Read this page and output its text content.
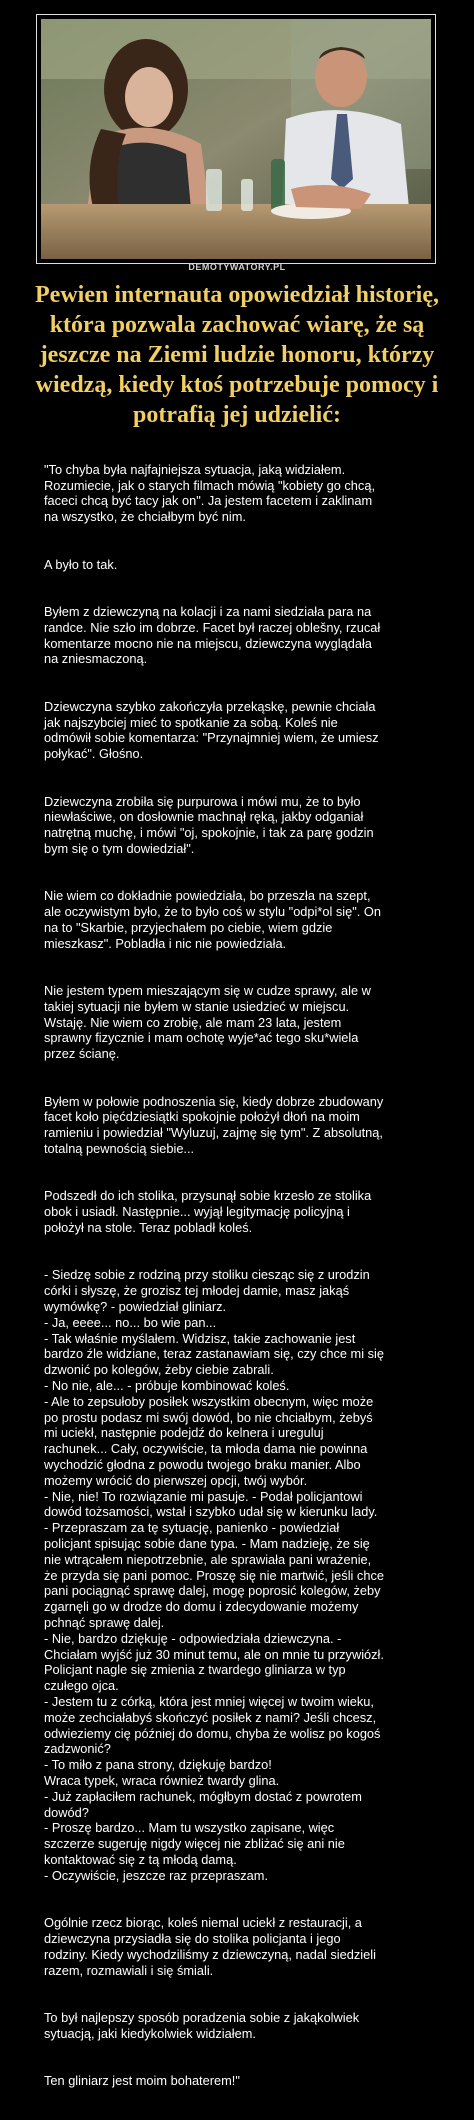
DEMOTYWATORY.PL
Pewien internauta opowiedział historię,
która pozwala zachować wiarę, że są
jeszcze na Ziemi ludzie honoru, którzy
wiedzą, kiedy ktoś potrzebuje pomocy i
potrafią jej udzielić:

"To chyba była najfajniejsza sytuacja, jaką widziałem.
Rozumiecie, jak o starych filmach mówią "kobiety go chcą,
faceci chcą być tacy jak on". Ja jestem facetem i zaklinam
na wszystko, że chciałbym być nim.

A było to tak.

Byłem z dziewczyną na kolacji i za nami siedziała para na
randce. Nie szło im dobrze. Facet był raczej oblešny, rzucał
komentarze mocno nie na miejscu, dziewczyna wyglądała
na zniesmaczoną.

Dziewczyna szybko zakończyła przekąskę, pewnie chciała
jak najszybciej mieć to spotkanie za sobą. Koleś nie
odmówił sobie komentarza: "Przynajmniej wiem, że umiesz
połykać". Głośno.

Dziewczyna zrobiła się purpurowa i mówi mu, że to było
niewłaściwe, on dosłownie machnął ręką, jakby odganiał
natrętną muchę, i mówi "oj, spokojnie, i tak za parę godzin
bym się o tym dowiedział".

Nie wiem co dokładnie powiedziała, bo przeszła na szept,
ale oczywistym było, że to było coś w stylu "odpi*ol się". On
na to "Skarbie, przyjechałem po ciebie, wiem gdzie
mieszkasz". Pobladła i nic nie powiedziała.

Nie jestem typem mieszającym się w cudze sprawy, ale w
takiej sytuacji nie byłem w stanie usiedzieć w miejscu.
Wstaję. Nie wiem co zrobię, ale mam 23 lata, jestem
sprawny fizycznie i mam ochotę wyje*ać tego sku*wiela
przez ścianę.

Byłem w połowie podnoszenia się, kiedy dobrze zbudowany
facet koło pięćdziesiątki spokojnie położył dłoń na moim
ramieniu i powiedział "Wyluzuj, zajmę się tym". Z absolutną,
totalną pewnością siebie...

Podszedł do ich stolika, przysunął sobie krzesło ze stolika
obok i usiadł. Następnie... wyjął legitymację policyjną i
położył na stole. Teraz pobladł koleś.

- Siedzę sobie z rodziną przy stoliku ciesząc się z urodzin
córki i słyszę, że grozisz tej młodej damie, masz jakąś
wymówkę? - powiedział gliniarz.
- Ja, eeee... no... bo wie pan...
- Tak właśnie myślałem. Widzisz, takie zachowanie jest
bardzo źle widziane, teraz zastanawiam się, czy chce mi się
dzwonić po kolegów, żeby ciebie zabrali.
- No nie, ale... - próbuje kombinować koleś.
- Ale to zepsułoby posiłek wszystkim obecnym, więc może
po prostu podasz mi swój dowód, bo nie chciałbym, żebyś
mi uciekł, następnie podejdź do kelnera i ureguluj
rachunek... Cały, oczywiście, ta młoda dama nie powinna
wychodzić głodna z powodu twojego braku manier. Albo
możemy wrócić do pierwszej opcji, twój wybór.
- Nie, nie! To rozwiązanie mi pasuje. - Podał policjantowi
dowód tożsamości, wstał i szybko udał się w kierunku lady.
- Przepraszam za tę sytuację, panienko - powiedział
policjant spisując sobie dane typa. - Mam nadzieję, że się
nie wtrącałem niepotrzebnie, ale sprawiała pani wrażenie,
że przyda się pani pomoc. Proszę się nie martwić, jeśli chce
pani pociągnąć sprawę dalej, mogę poprosić kolegów, żeby
zgarnęli go w drodze do domu i zdecydowanie możemy
pchnąć sprawę dalej.
- Nie, bardzo dziękuję - odpowiedziała dziewczyna. -
Chciałam wyjść już 30 minut temu, ale on mnie tu przywiózł.
Policjant nagle się zmienia z twardego gliniarza w typ
czułego ojca.
- Jestem tu z córką, która jest mniej więcej w twoim wieku,
może zechciałabyś skończyć posiłek z nami? Jeśli chcesz,
odwieziemy cię później do domu, chyba że wolisz po kogoś
zadzwonić?
- To miło z pana strony, dziękuję bardzo!
Wraca typek, wraca również twardy glina.
- Już zapłaciłem rachunek, mógłbym dostać z powrotem
dowód?
- Proszę bardzo... Mam tu wszystko zapisane, więc
szczerze sugeruję nigdy więcej nie zbliżać się ani nie
kontaktować się z tą młodą damą.
- Oczywiście, jeszcze raz przepraszam.

Ogólnie rzecz biorąc, koleś niemal uciekł z restauracji, a
dziewczyna przysiadła się do stolika policjanta i jego
rodziny. Kiedy wychodziliśmy z dziewczyną, nadal siedzieli
razem, rozmawiali i się śmiali.

To był najlepszy sposób poradzenia sobie z jakąkolwiek
sytuacją, jaki kiedykolwiek widziałem.

Ten gliniarz jest moim bohaterem!"
